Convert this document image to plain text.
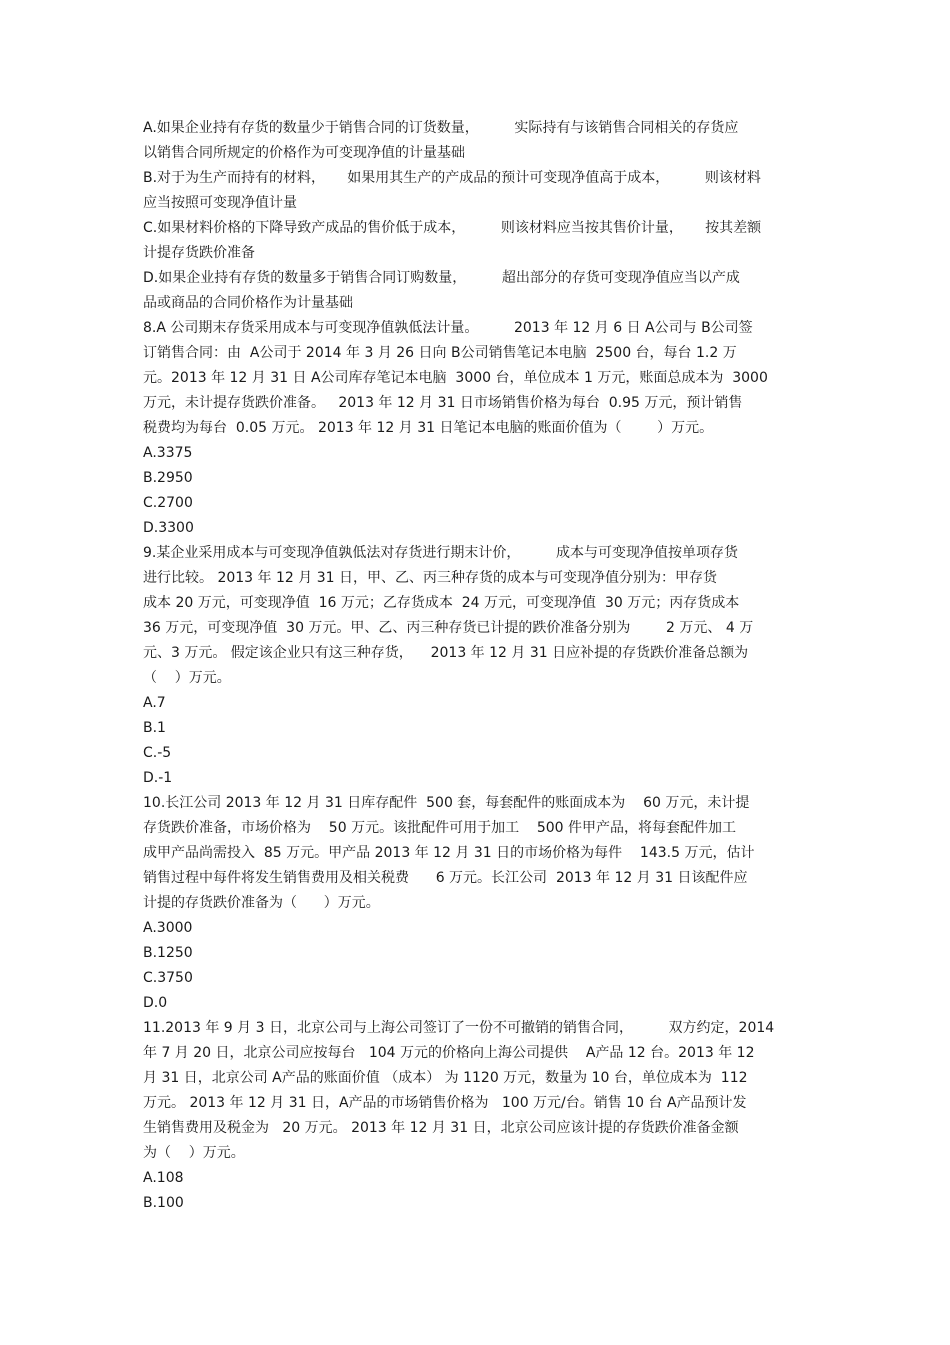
A.如果企业持有存货的数量少于销售合同的订货数量，        实际持有与该销售合同相关的存货应
以销售合同所规定的价格作为可变现净值的计量基础
B.对于为生产而持有的材料，     如果用其生产的产成品的预计可变现净值高于成本，        则该材料
应当按照可变现净值计量
C.如果材料价格的下降导致产成品的售价低于成本，        则该材料应当按其售价计量，     按其差额
计提存货跌价准备
D.如果企业持有存货的数量多于销售合同订购数量，        超出部分的存货可变现净值应当以产成
品或商品的合同价格作为计量基础
8.A 公司期末存货采用成本与可变现净值孰低法计量。        2013 年 12 月 6 日 A公司与 B公司签
订销售合同：由  A公司于 2014 年 3 月 26 日向 B公司销售笔记本电脑  2500 台，每台 1.2 万
元。2013 年 12 月 31 日 A公司库存笔记本电脑  3000 台，单位成本 1 万元，账面总成本为  3000
万元，未计提存货跌价准备。   2013 年 12 月 31 日市场销售价格为每台  0.95 万元，预计销售
税费均为每台  0.05 万元。 2013 年 12 月 31 日笔记本电脑的账面价值为（        ）万元。
A.3375
B.2950
C.2700
D.3300
9.某企业采用成本与可变现净值孰低法对存货进行期末计价，        成本与可变现净值按单项存货
进行比较。 2013 年 12 月 31 日，甲、乙、丙三种存货的成本与可变现净值分别为：甲存货
成本 20 万元，可变现净值  16 万元；乙存货成本  24 万元，可变现净值  30 万元；丙存货成本
36 万元，可变现净值  30 万元。甲、乙、丙三种存货已计提的跌价准备分别为        2 万元、 4 万
元、3 万元。 假定该企业只有这三种存货，    2013 年 12 月 31 日应补提的存货跌价准备总额为
（    ）万元。
A.7
B.1
C.-5
D.-1
10.长江公司 2013 年 12 月 31 日库存配件  500 套，每套配件的账面成本为    60 万元，未计提
存货跌价准备，市场价格为    50 万元。该批配件可用于加工    500 件甲产品，将每套配件加工
成甲产品尚需投入  85 万元。甲产品 2013 年 12 月 31 日的市场价格为每件    143.5 万元，估计
销售过程中每件将发生销售费用及相关税费      6 万元。长江公司  2013 年 12 月 31 日该配件应
计提的存货跌价准备为（      ）万元。
A.3000
B.1250
C.3750
D.0
11.2013 年 9 月 3 日，北京公司与上海公司签订了一份不可撤销的销售合同，        双方约定，2014
年 7 月 20 日，北京公司应按每台   104 万元的价格向上海公司提供    A产品 12 台。2013 年 12
月 31 日，北京公司 A产品的账面价值 （成本） 为 1120 万元，数量为 10 台，单位成本为  112
万元。 2013 年 12 月 31 日，A产品的市场销售价格为   100 万元/台。销售 10 台 A产品预计发
生销售费用及税金为   20 万元。 2013 年 12 月 31 日，北京公司应该计提的存货跌价准备金额
为（    ）万元。
A.108
B.100
